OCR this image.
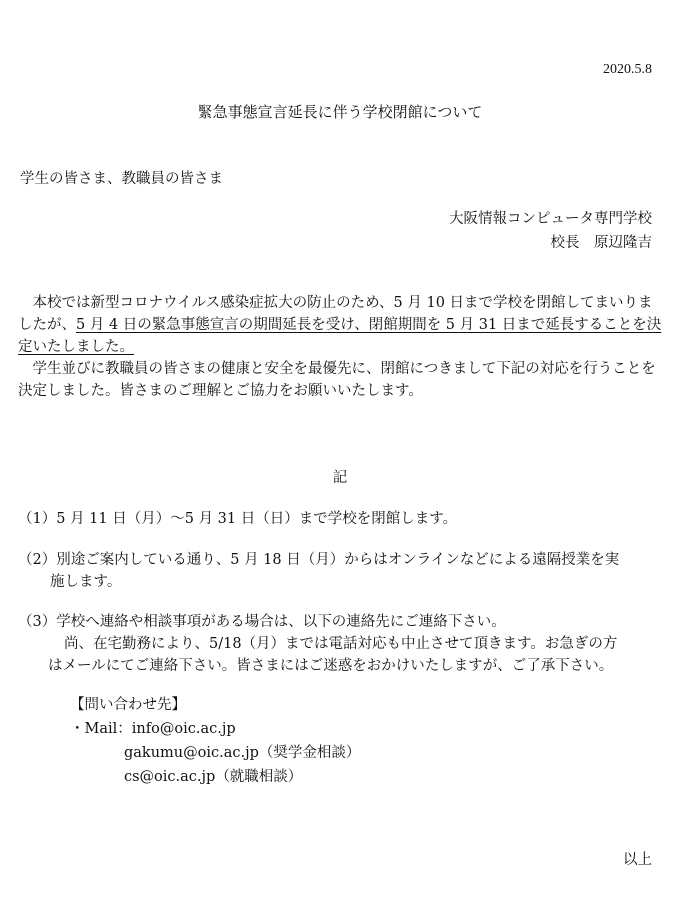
2020.5.8
緊急事態宣言延長に伴う学校閉館について
学生の皆さま、教職員の皆さま
大阪情報コンピュータ専門学校
校長　原辺隆吉

本校では新型コロナウイルス感染症拡大の防止のため、5 月 10 日まで学校を閉館してまいりましたが、5 月 4 日の緊急事態宣言の期間延長を受け、閉館期間を 5 月 31 日まで延長することを決定いたしました。

学生並びに教職員の皆さまの健康と安全を最優先に、閉館につきまして下記の対応を行うことを決定しました。皆さまのご理解とご協力をお願いいたします。

記
（1）5 月 11 日（月）～5 月 31 日（日）まで学校を閉館します。
（2）別途ご案内している通り、5 月 18 日（月）からはオンラインなどによる遠隔授業を実
施します。
（3）学校へ連絡や相談事項がある場合は、以下の連絡先にご連絡下さい。
尚、在宅勤務により、5/18（月）までは電話対応も中止させて頂きます。お急ぎの方
はメールにてご連絡下さい。皆さまにはご迷惑をおかけいたしますが、ご了承下さい。
【問い合わせ先】
・Mail：info@oic.ac.jp
gakumu@oic.ac.jp（奨学金相談）
cs@oic.ac.jp（就職相談）
以上
